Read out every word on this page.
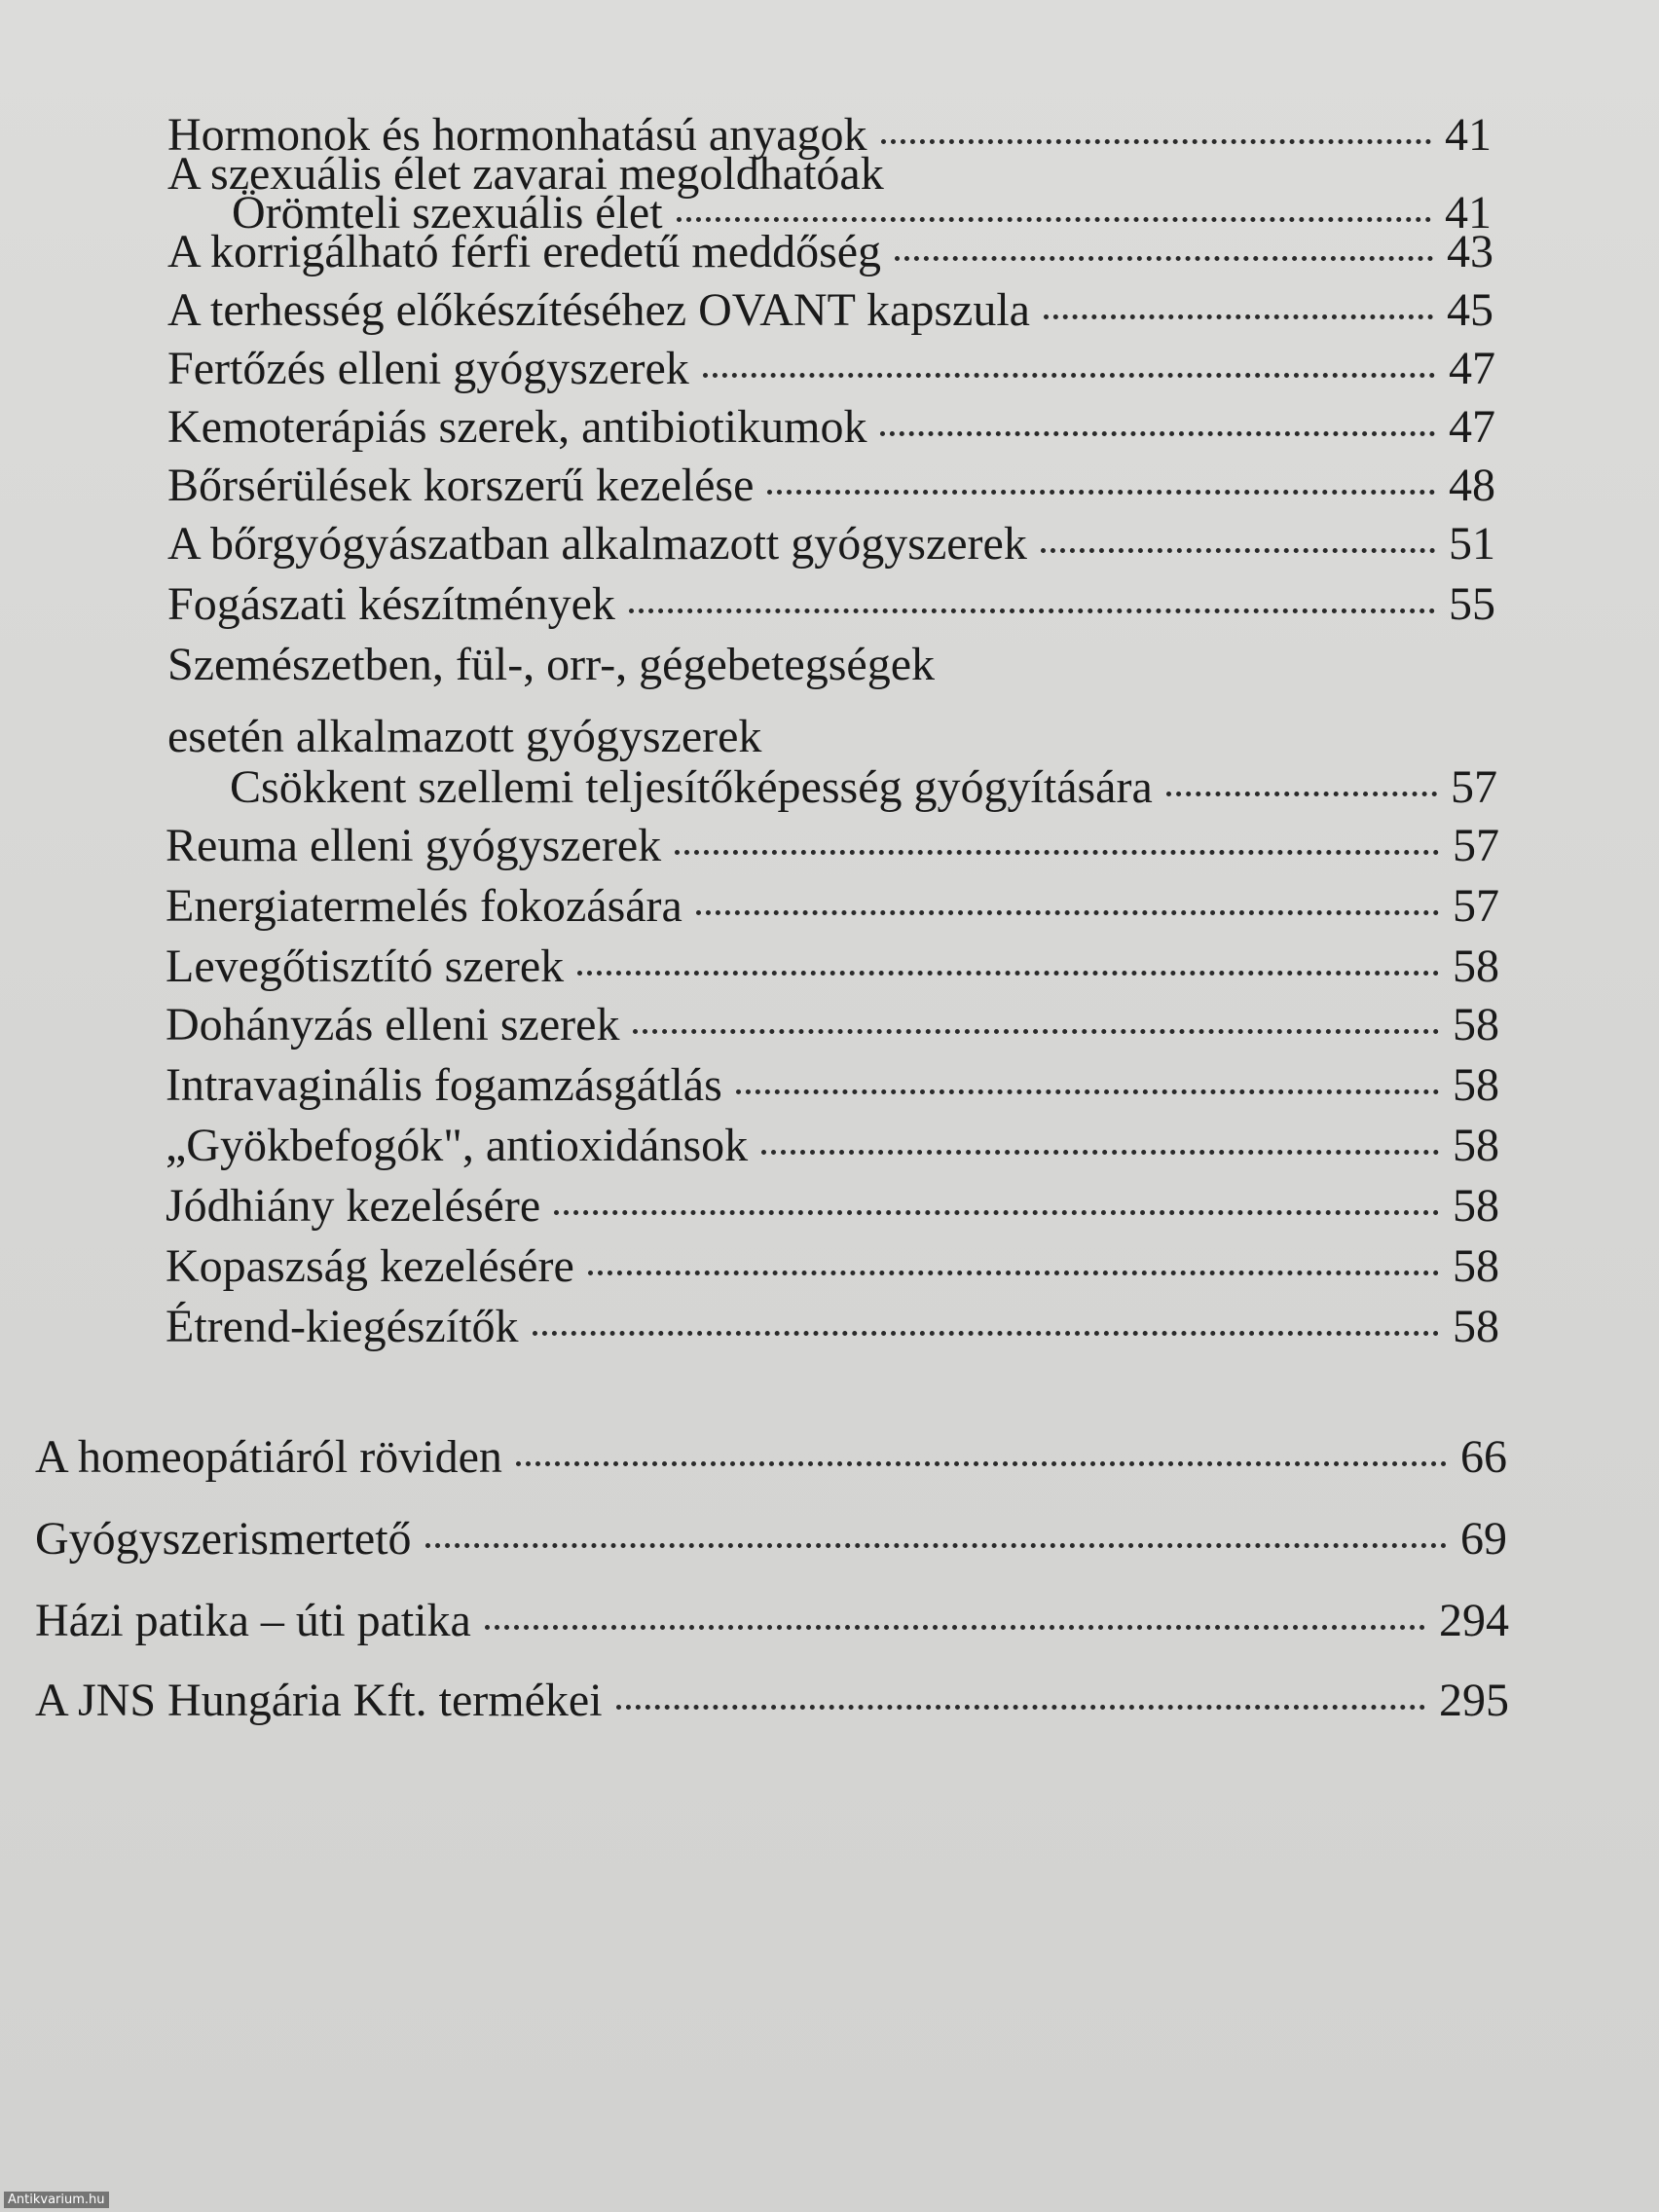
Hormonok és hormonhatású anyagok	41
A szexuális élet zavarai megoldhatóak
Örömteli szexuális élet	41
A korrigálható férfi eredetű meddőség	43
A terhesség előkészítéséhez OVANT kapszula	45
Fertőzés elleni gyógyszerek	47
Kemoterápiás szerek, antibiotikumok	47
Bőrsérülések korszerű kezelése	48
A bőrgyógyászatban alkalmazott gyógyszerek	51
Fogászati készítmények	55
Szemészetben, fül-, orr-, gégebetegségek
esetén alkalmazott gyógyszerek
Csökkent szellemi teljesítőképesség gyógyítására	57
Reuma elleni gyógyszerek	57
Energiatermelés fokozására	57
Levegőtisztító szerek	58
Dohányzás elleni szerek	58
Intravaginális fogamzásgátlás	58
„Gyökbefogók", antioxidánsok	58
Jódhiány kezelésére	58
Kopaszság kezelésére	58
Étrend-kiegészítők	58
A homeopátiáról röviden	66
Gyógyszerismertető	69
Házi patika – úti patika	294
A JNS Hungária Kft. termékei	295
Antikvarium.hu
